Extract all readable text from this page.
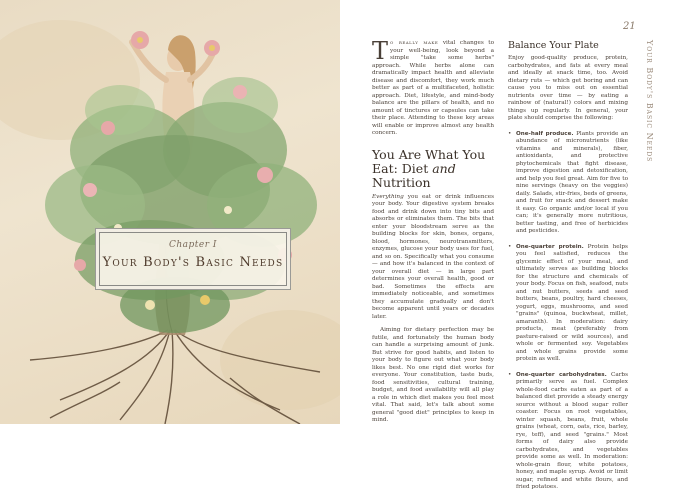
Chapter I
Your Body's Basic Needs
21
Your Body's Basic Needs

To really make vital changes to your well-being, look beyond a simple "take some herbs" approach. While herbs alone can dramatically impact health and alleviate disease and discomfort, they work much better as part of a multifaceted, holistic approach. Diet, lifestyle, and mind-body balance are the pillars of health, and no amount of tinctures or capsules can take their place. Attending to these key areas will enable or improve almost any health concern.

You Are What You Eat: Diet and Nutrition

Everything you eat or drink influences your body. Your digestive system breaks food and drink down into tiny bits and absorbs or eliminates them. The bits that enter your bloodstream serve as the building blocks for skin, bones, organs, blood, hormones, neurotransmitters, enzymes, glucose your body uses for fuel, and so on. Specifically what you consume — and how it's balanced in the context of your overall diet — in large part determines your overall health, good or bad. Sometimes the effects are immediately noticeable, and sometimes they accumulate gradually and don't become apparent until years or decades later.

Aiming for dietary perfection may be futile, and fortunately the human body can handle a surprising amount of junk. But strive for good habits, and listen to your body to figure out what your body likes best. No one rigid diet works for everyone. Your constitution, taste buds, food sensitivities, cultural training, budget, and food availability will all play a role in which diet makes you feel most vital. That said, let's talk about some general "good diet" principles to keep in mind.

Balance Your Plate

Enjoy good-quality produce, protein, carbohydrates, and fats at every meal and ideally at snack time, too. Avoid dietary ruts — which get boring and can cause you to miss out on essential nutrients over time — by eating a rainbow of (natural!) colors and mixing things up regularly. In general, your plate should comprise the following:

• One-half produce. Plants provide an abundance of micronutrients (like vitamins and minerals), fiber, antioxidants, and protective phytochemicals that fight disease, improve digestion and detoxification, and help you feel great. Aim for five to nine servings (heavy on the veggies) daily. Salads, stir-fries, beds of greens, and fruit for snack and dessert make it easy. Go organic and/or local if you can; it's generally more nutritious, better tasting, and free of herbicides and pesticides.
• One-quarter protein. Protein helps you feel satisfied, reduces the glycemic effect of your meal, and ultimately serves as building blocks for the structure and chemicals of your body. Focus on fish, seafood, nuts and nut butters, seeds and seed butters, beans, poultry, hard cheeses, yogurt, eggs, mushrooms, and seed "grains" (quinoa, buckwheat, millet, amaranth). In moderation: dairy products, meat (preferably from pasture-raised or wild sources), and whole or fermented soy. Vegetables and whole grains provide some protein as well.
• One-quarter carbohydrates. Carbs primarily serve as fuel. Complex whole-food carbs eaten as part of a balanced diet provide a steady energy source without a blood sugar roller coaster. Focus on root vegetables, winter squash, beans, fruit, whole grains (wheat, corn, oats, rice, barley, rye, teff), and seed "grains." Most forms of dairy also provide carbohydrates, and vegetables provide some as well. In moderation: whole-grain flour, white potatoes, honey, and maple syrup. Avoid or limit sugar, refined and white flours, and fried potatoes.
